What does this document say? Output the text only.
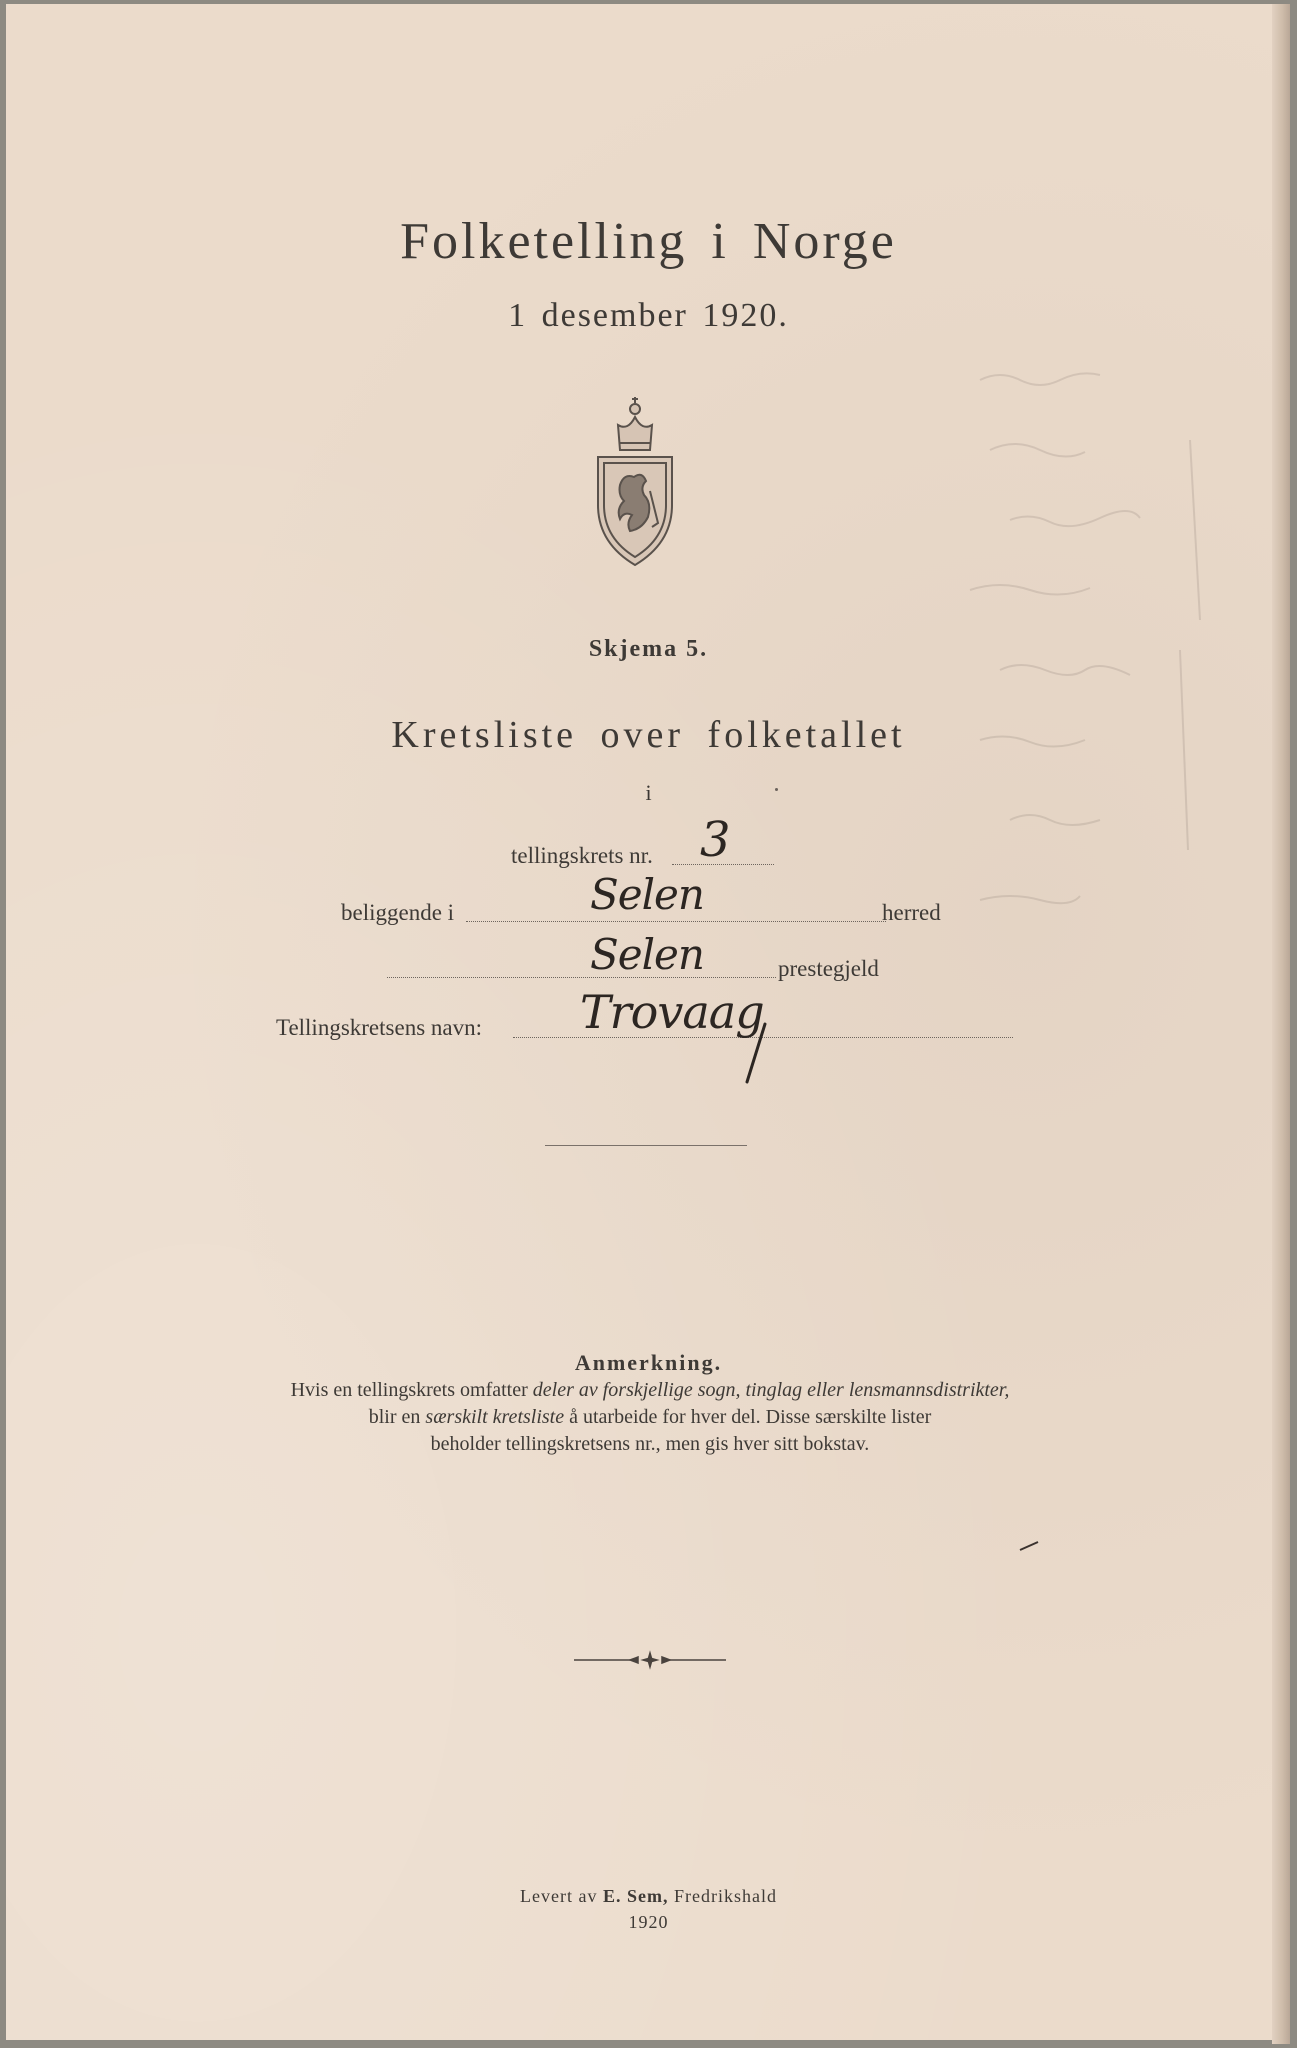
Folketelling i Norge
1 desember 1920.
Skjema 5.
Kretsliste over folketallet
i
tellingskrets nr. 3
beliggende i	Selen	herred
Selen	prestegjeld
Tellingskretsens navn: Trovaag
Anmerkning.
Hvis en tellingskrets omfatter deler av forskjellige sogn, tinglag eller lensmannsdistrikter,
blir en særskilt kretsliste å utarbeide for hver del. Disse særskilte lister
beholder tellingskretsens nr., men gis hver sitt bokstav.
Levert av E. Sem, Fredrikshald
1920
